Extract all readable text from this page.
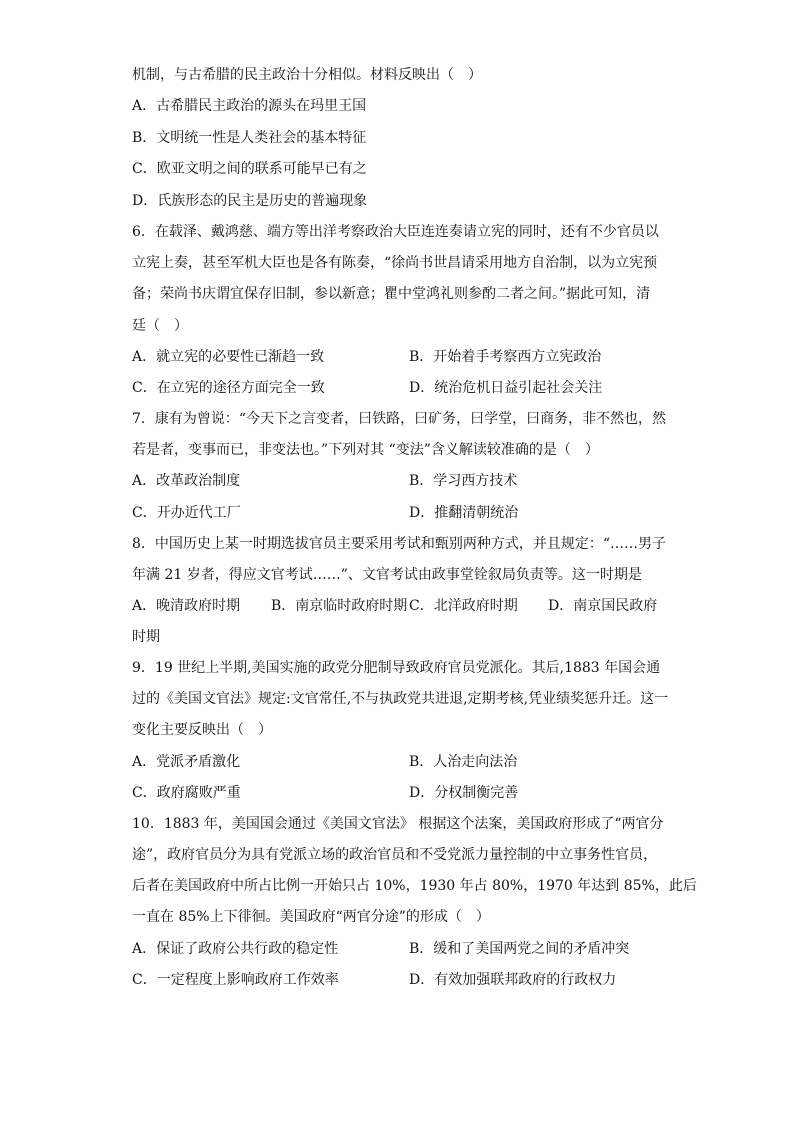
机制，与古希腊的民主政治十分相似。材料反映出（　）
A．古希腊民主政治的源头在玛里王国
B．文明统一性是人类社会的基本特征
C．欧亚文明之间的联系可能早已有之
D．氏族形态的民主是历史的普遍现象
6．在载泽、戴鸿慈、端方等出洋考察政治大臣连连奏请立宪的同时，还有不少官员以
立宪上奏，甚至军机大臣也是各有陈奏，“徐尚书世昌请采用地方自治制，以为立宪预
备；荣尚书庆谓宜保存旧制，参以新意；瞿中堂鸿礼则参酌二者之间。”据此可知，清
廷（　）
A．就立宪的必要性已渐趋一致	B．开始着手考察西方立宪政治
C．在立宪的途径方面完全一致	D．统治危机日益引起社会关注
7．康有为曾说：“今天下之言变者，曰铁路，曰矿务，曰学堂，曰商务，非不然也，然
若是者，变事而已，非变法也。”下列对其 “变法”含义解读较准确的是（　）
A．改革政治制度	B．学习西方技术
C．开办近代工厂	D．推翻清朝统治
8．中国历史上某一时期选拔官员主要采用考试和甄别两种方式，并且规定：“……男子
年满 21 岁者，得应文官考试……”、文官考试由政事堂铨叙局负责等。这一时期是
A．晚清政府时期 B．南京临时政府时期 C．北洋政府时期 D．南京国民政府
时期
9．19 世纪上半期,美国实施的政党分肥制导致政府官员党派化。其后,1883 年国会通
过的《美国文官法》规定:文官常任,不与执政党共进退,定期考核,凭业绩奖惩升迁。这一
变化主要反映出（　）
A．党派矛盾激化	B．人治走向法治
C．政府腐败严重	D．分权制衡完善
10．1883 年，美国国会通过《美国文官法》 根据这个法案，美国政府形成了“两官分
途”，政府官员分为具有党派立场的政治官员和不受党派力量控制的中立事务性官员，
后者在美国政府中所占比例一开始只占 10%，1930 年占 80%，1970 年达到 85%，此后
一直在 85%上下徘徊。美国政府“两官分途”的形成（　）
A．保证了政府公共行政的稳定性	B．缓和了美国两党之间的矛盾冲突
C．一定程度上影响政府工作效率	D．有效加强联邦政府的行政权力
